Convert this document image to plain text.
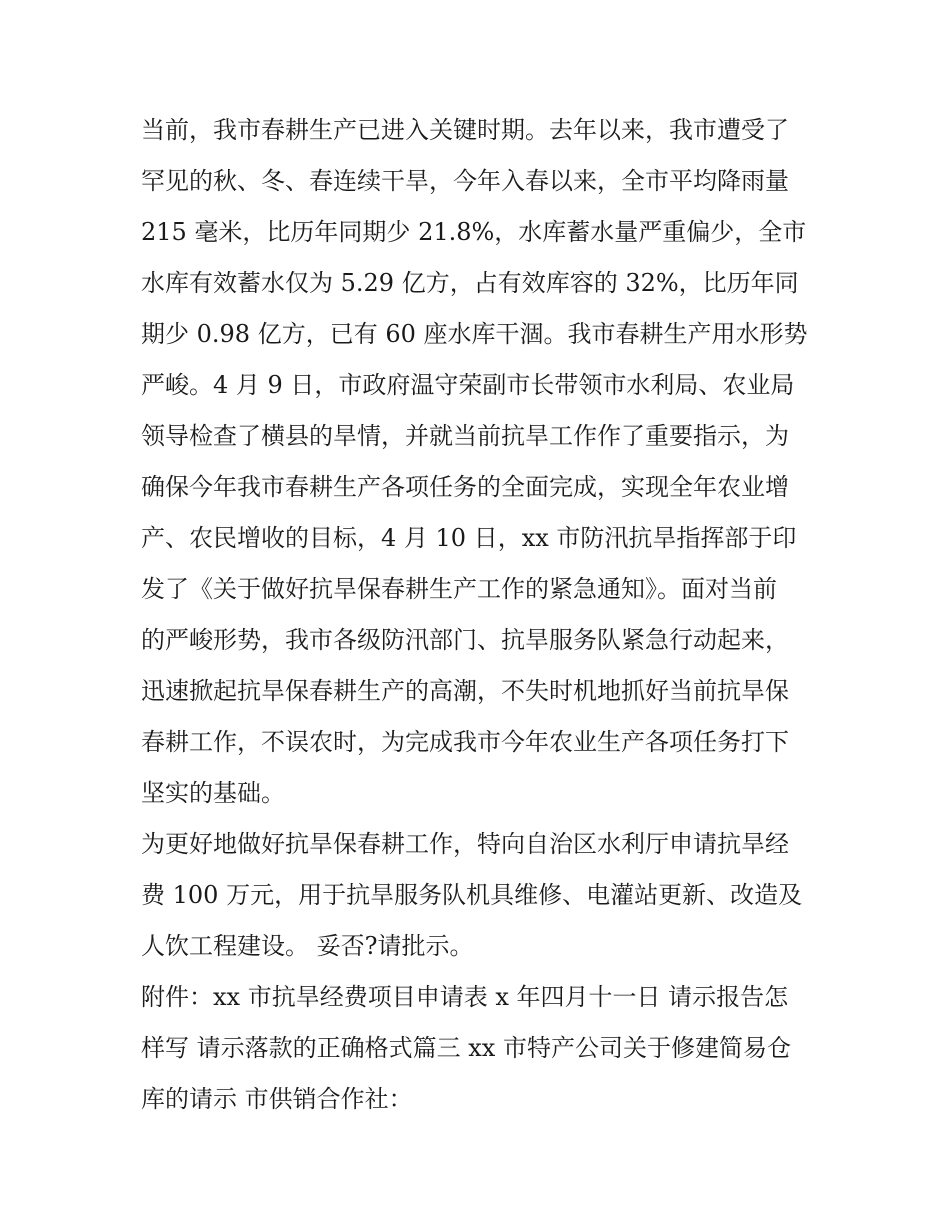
当前，我市春耕生产已进入关键时期。去年以来，我市遭受了
罕见的秋、冬、春连续干旱，今年入春以来，全市平均降雨量
215 毫米，比历年同期少 21.8%，水库蓄水量严重偏少，全市
水库有效蓄水仅为 5.29 亿方，占有效库容的 32%，比历年同
期少 0.98 亿方，已有 60 座水库干涸。我市春耕生产用水形势
严峻。4 月 9 日，市政府温守荣副市长带领市水利局、农业局
领导检查了横县的旱情，并就当前抗旱工作作了重要指示，为
确保今年我市春耕生产各项任务的全面完成，实现全年农业增
产、农民增收的目标，4 月 10 日，xx 市防汛抗旱指挥部于印
发了《关于做好抗旱保春耕生产工作的紧急通知》。面对当前
的严峻形势，我市各级防汛部门、抗旱服务队紧急行动起来，
迅速掀起抗旱保春耕生产的高潮，不失时机地抓好当前抗旱保
春耕工作，不误农时，为完成我市今年农业生产各项任务打下
坚实的基础。
为更好地做好抗旱保春耕工作，特向自治区水利厅申请抗旱经
费 100 万元，用于抗旱服务队机具维修、电灌站更新、改造及
人饮工程建设。 妥否?请批示。
附件：xx 市抗旱经费项目申请表 x 年四月十一日 请示报告怎
样写 请示落款的正确格式篇三 xx 市特产公司关于修建简易仓
库的请示 市供销合作社：
